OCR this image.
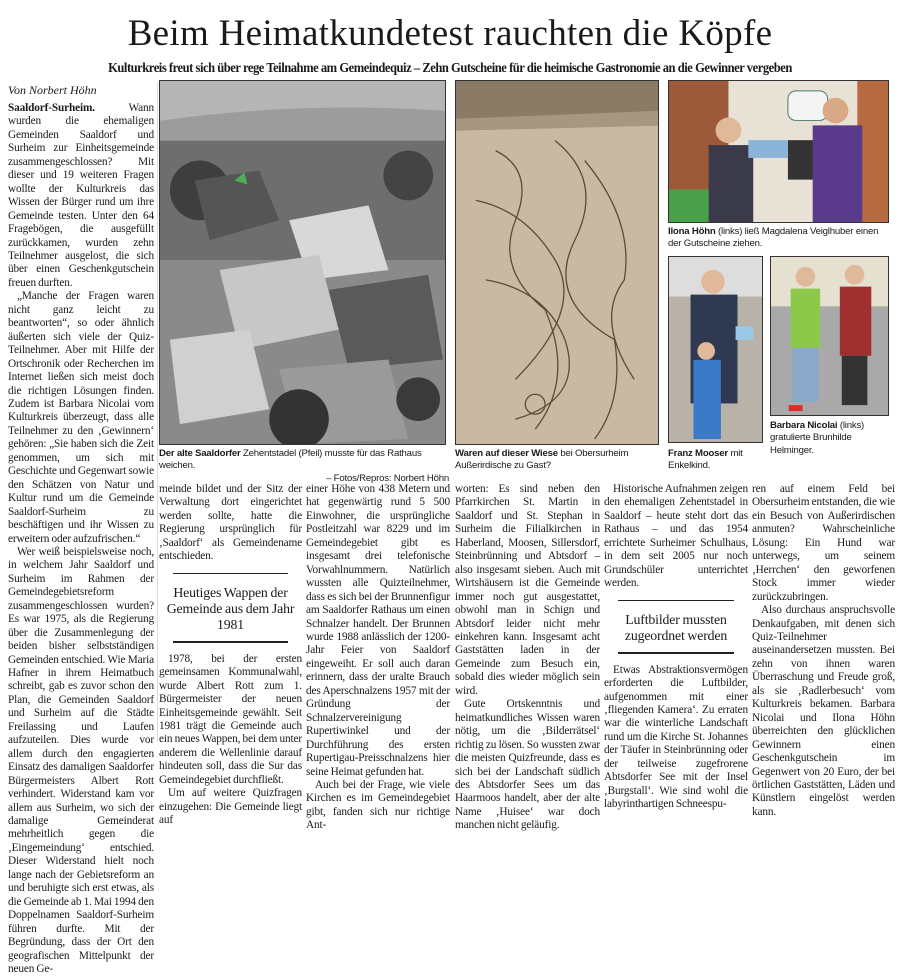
Beim Heimatkundetest rauchten die Köpfe
Kulturkreis freut sich über rege Teilnahme am Gemeindequiz – Zehn Gutscheine für die heimische Gastronomie an die Gewinner vergeben
Von Norbert Höhn

Saaldorf-Surheim.	Wann wurden die ehemaligen Gemeinden Saaldorf und Surheim zur Einheitsgemeinde zusammengeschlossen? Mit dieser und 19 weiteren Fragen wollte der Kulturkreis das Wissen der Bürger rund um ihre Gemeinde testen. Unter den 64 Fragebögen, die ausgefüllt zurückkamen, wurden zehn Teilnehmer ausgelost, die sich über einen Geschenkgutschein freuen durften.

„Manche der Fragen waren nicht ganz leicht zu beantworten“, so oder ähnlich äußerten sich viele der Quiz-Teilnehmer. Aber mit Hilfe der Ortschronik oder Recherchen im Internet ließen sich meist doch die richtigen Lösungen finden. Zudem ist Barbara Nicolai vom Kulturkreis überzeugt, dass alle Teilnehmer zu den ‚Gewinnern‘ gehören: „Sie haben sich die Zeit genommen, um sich mit Geschichte und Gegenwart sowie den Schätzen von Natur und Kultur rund um die Gemeinde Saaldorf-Surheim zu beschäftigen und ihr Wissen zu erweitern oder aufzufrischen.“

Wer weiß beispielsweise noch, in welchem Jahr Saaldorf und Surheim im Rahmen der Gemeindegebietsreform zusammengeschlossen wurden? Es war 1975, als die Regierung über die Zusammenlegung der beiden bisher selbstständigen Gemeinden entschied. Wie Maria Hafner in ihrem Heimatbuch schreibt, gab es zuvor schon den Plan, die Gemeinden Saaldorf und Surheim auf die Städte Freilassing und Laufen aufzuteilen. Dies wurde vor allem durch den engagierten Einsatz des damaligen Saaldorfer Bürgermeisters Albert Rott verhindert. Widerstand kam vor allem aus Surheim, wo sich der damalige Gemeinderat mehrheitlich gegen die ‚Eingemeindung‘ entschied. Dieser Widerstand hielt noch lange nach der Gebietsreform an und beruhigte sich erst etwas, als die Gemeinde ab 1. Mai 1994 den Doppelnamen Saaldorf-Surheim führen durfte. Mit der Begründung, dass der Ort den geografischen Mittelpunkt der neuen Ge-

Der alte Saaldorfer Zehentstadel (Pfeil) musste für das Rathaus weichen.
– Fotos/Repros: Norbert Höhn
Waren auf dieser Wiese bei Obersurheim Außerirdische zu Gast?
Ilona Höhn (links) ließ Magdalena Veiglhuber einen der Gutscheine ziehen.
Franz Mooser mit Enkelkind.
Barbara Nicolai (links) gratulierte Brunhilde Helminger.

meinde bildet und der Sitz der Verwaltung dort eingerichtet werden sollte, hatte die Regierung ursprünglich für ‚Saaldorf‘ als Gemeindename entschieden.

Heutiges Wappen der Gemeinde aus dem Jahr 1981

1978, bei der ersten gemeinsamen Kommunalwahl, wurde Albert Rott zum 1. Bürgermeister der neuen Einheitsgemeinde gewählt. Seit 1981 trägt die Gemeinde auch ein neues Wappen, bei dem unter anderem die Wellenlinie darauf hindeuten soll, dass die Sur das Gemeindegebiet durchfließt.

Um auf weitere Quizfragen einzugehen: Die Gemeinde liegt auf

einer Höhe von 438 Metern und hat gegenwärtig rund 5 500 Einwohner, die ursprüngliche Postleitzahl war 8229 und im Gemeindegebiet gibt es insgesamt drei telefonische Vorwahlnummern. Natürlich wussten alle Quizteilnehmer, dass es sich bei der Brunnenfigur am Saaldorfer Rathaus um einen Schnalzer handelt. Der Brunnen wurde 1988 anlässlich der 1200-Jahr Feier von Saaldorf eingeweiht. Er soll auch daran erinnern, dass der uralte Brauch des Aperschnalzens 1957 mit der Gründung der Schnalzervereinigung Rupertiwinkel und der Durchführung des ersten Rupertigau-Preisschnalzens hier seine Heimat gefunden hat.

Auch bei der Frage, wie viele Kirchen es im Gemeindegebiet gibt, fanden sich nur richtige Ant-

worten: Es sind neben den Pfarrkirchen St. Martin in Saaldorf und St. Stephan in Surheim die Filialkirchen in Haberland, Moosen, Sillersdorf, Steinbrünning und Abtsdorf – also insgesamt sieben. Auch mit Wirtshäusern ist die Gemeinde immer noch gut ausgestattet, obwohl man in Schign und Abtsdorf leider nicht mehr einkehren kann. Insgesamt acht Gaststätten laden in der Gemeinde zum Besuch ein, sobald dies wieder möglich sein wird.

Gute Ortskenntnis und heimatkundliches Wissen waren nötig, um die ‚Bilderrätsel‘ richtig zu lösen. So wussten zwar die meisten Quizfreunde, dass es sich bei der Landschaft südlich des Abtsdorfer Sees um das Haarmoos handelt, aber der alte Name ‚Huisee‘ war doch manchen nicht geläufig.

Historische Aufnahmen zeigen den ehemaligen Zehentstadel in Saaldorf – heute steht dort das Rathaus – und das 1954 errichtete Surheimer Schulhaus, in dem seit 2005 nur noch Grundschüler unterrichtet werden.

Luftbilder mussten zugeordnet werden

Etwas Abstraktionsvermögen erforderten die Luftbilder, aufgenommen mit einer ‚fliegenden Kamera‘. Zu erraten war die winterliche Landschaft rund um die Kirche St. Johannes der Täufer in Steinbrünning oder der teilweise zugefrorene Abtsdorfer See mit der Insel ‚Burgstall‘. Wie sind wohl die labyrinthartigen Schneespu-

ren auf einem Feld bei Obersurheim entstanden, die wie ein Besuch von Außerirdischen anmuten? Wahrscheinliche Lösung: Ein Hund war unterwegs, um seinem ‚Herrchen‘ den geworfenen Stock immer wieder zurückzubringen.

Also durchaus anspruchsvolle Denkaufgaben, mit denen sich Quiz-Teilnehmer auseinandersetzen mussten. Bei zehn von ihnen waren Überraschung und Freude groß, als sie ‚Radlerbesuch‘ vom Kulturkreis bekamen. Barbara Nicolai und Ilona Höhn überreichten den glücklichen Gewinnern einen Geschenkgutschein im Gegenwert von 20 Euro, der bei örtlichen Gaststätten, Läden und Künstlern eingelöst werden kann.
